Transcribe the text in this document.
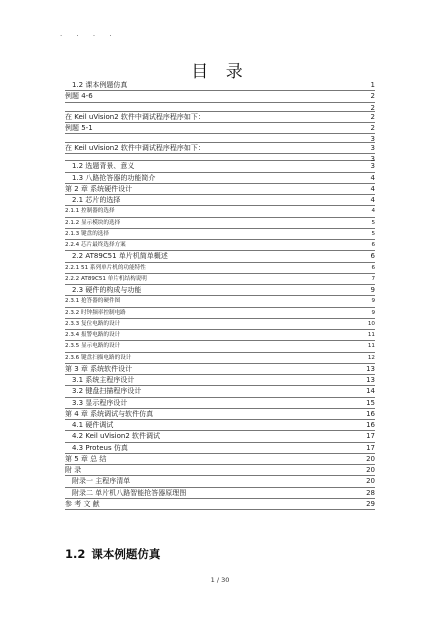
. . . .
目 录
1.2 课本例题仿真	1
例题 4-6	2
2
在 Keil uVision2 软件中调试程序程序如下：	2
例题 5-1	2
3
在 Keil uVision2 软件中调试程序程序如下：	3
3
1.2 选题背景、意义	3
1.3 八路抢答器的功能简介	4
第 2 章 系统硬件设计	4
2.1 芯片的选择	4
2.1.1 控制器的选择	4
2.1.2 显示模块的选择	5
2.1.3 键盘的选择	5
2.2.4 芯片最终选择方案	6
2.2 AT89C51 单片机简单概述	6
2.2.1 51 系列单片机的功能特性	6
2.2.2 AT89C51 单片机结构说明	7
2.3 硬件的构成与功能	9
2.3.1 抢答器的硬件图	9
2.3.2 时钟频率控制电路	9
2.3.3 复位电路的设计	10
2.3.4 报警电路的设计	11
2.3.5 显示电路的设计	11
2.3.6 键盘扫描电路的设计	12
第 3 章 系统软件设计	13
3.1 系统主程序设计	13
3.2 键盘扫描程序设计	14
3.3 显示程序设计	15
第 4 章 系统调试与软件仿真	16
4.1 硬件调试	16
4.2 Keil uVision2 软件调试	17
4.3 Proteus 仿真	17
第 5 章 总 结	20
附 录	20
附录一 主程序清单	20
附录二 单片机八路智能抢答器原理图	28
参 考 文 献	29
1.2 课本例题仿真
1 / 30
